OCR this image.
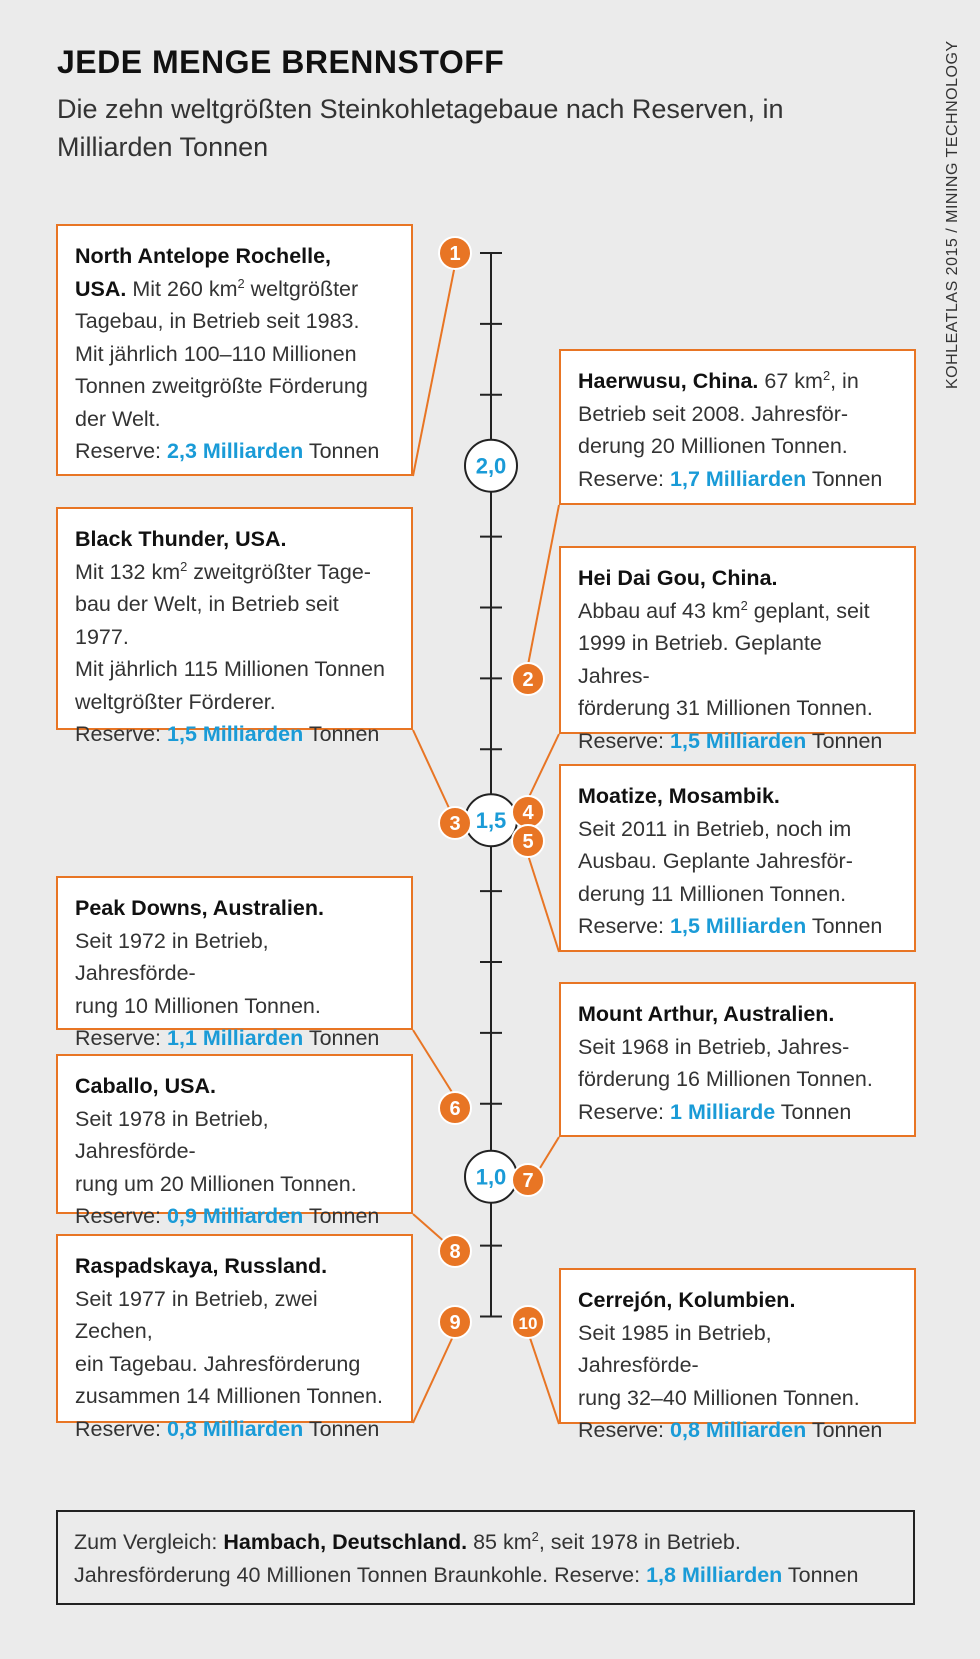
JEDE MENGE BRENNSTOFF

Die zehn weltgrößten Steinkohletagebaue nach Reserven, in Milliarden Tonnen	KOHLEATLAS 2015 / MINING TECHNOLOGY
2,0
1,5
1,0
1
2
3	4
5
6
7
8
9	10
North Antelope Rochelle,
USA. Mit 260 $km^2$ weltgrößter
Tagebau, in Betrieb seit 1983.
Mit jährlich 100–110 Millionen
Tonnen zweitgrößte Förderung
der Welt.
Reserve: 2,3 Milliarden Tonnen
Black Thunder, USA.
Mit 132 $km^2$ zweitgrößter Tage-
bau der Welt, in Betrieb seit 1977.
Mit jährlich 115 Millionen Tonnen
weltgrößter Förderer.
Reserve: 1,5 Milliarden Tonnen
Peak Downs, Australien.
Seit 1972 in Betrieb, Jahresförde-
rung 10 Millionen Tonnen.
Reserve: 1,1 Milliarden Tonnen
Caballo, USA.
Seit 1978 in Betrieb, Jahresförde-
rung um 20 Millionen Tonnen.
Reserve: 0,9 Milliarden Tonnen
Raspadskaya, Russland.
Seit 1977 in Betrieb, zwei Zechen,
ein Tagebau. Jahresförderung
zusammen 14 Millionen Tonnen.
Reserve: 0,8 Milliarden Tonnen
Haerwusu, China. 67 $km^2$, in
Betrieb seit 2008. Jahresför-
derung 20 Millionen Tonnen.
Reserve: 1,7 Milliarden Tonnen
Hei Dai Gou, China.
Abbau auf 43 $km^2$ geplant, seit
1999 in Betrieb. Geplante Jahres-
förderung 31 Millionen Tonnen.
Reserve: 1,5 Milliarden Tonnen
Moatize, Mosambik.
Seit 2011 in Betrieb, noch im
Ausbau. Geplante Jahresför-
derung 11 Millionen Tonnen.
Reserve: 1,5 Milliarden Tonnen
Mount Arthur, Australien.
Seit 1968 in Betrieb, Jahres-
förderung 16 Millionen Tonnen.
Reserve: 1 Milliarde Tonnen
Cerrejón, Kolumbien.
Seit 1985 in Betrieb, Jahresförde-
rung 32–40 Millionen Tonnen.
Reserve: 0,8 Milliarden Tonnen
Zum Vergleich: Hambach, Deutschland. 85 $km^2$, seit 1978 in Betrieb.
Jahresförderung 40 Millionen Tonnen Braunkohle. Reserve: 1,8 Milliarden Tonnen
